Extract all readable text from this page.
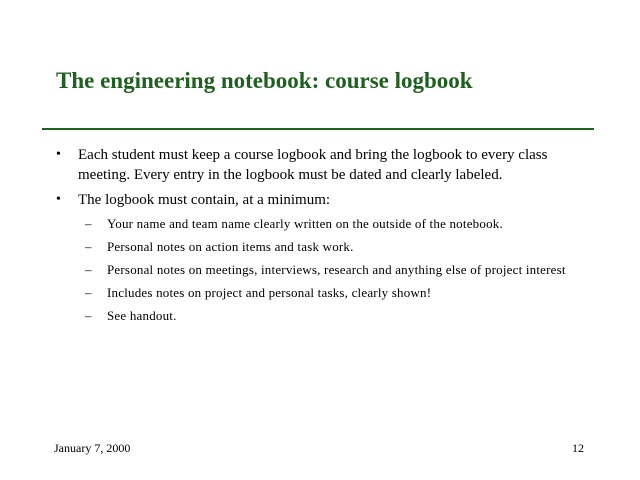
The engineering notebook: course logbook
• Each student must keep a course logbook and bring the logbook to every class meeting. Every entry in the logbook must be dated and clearly labeled.
• The logbook must contain, at a minimum:
– Your name and team name clearly written on the outside of the notebook.
– Personal notes on action items and task work.
– Personal notes on meetings, interviews, research and anything else of project interest
– Includes notes on project and personal tasks, clearly shown!
– See handout.
January 7, 2000	12
